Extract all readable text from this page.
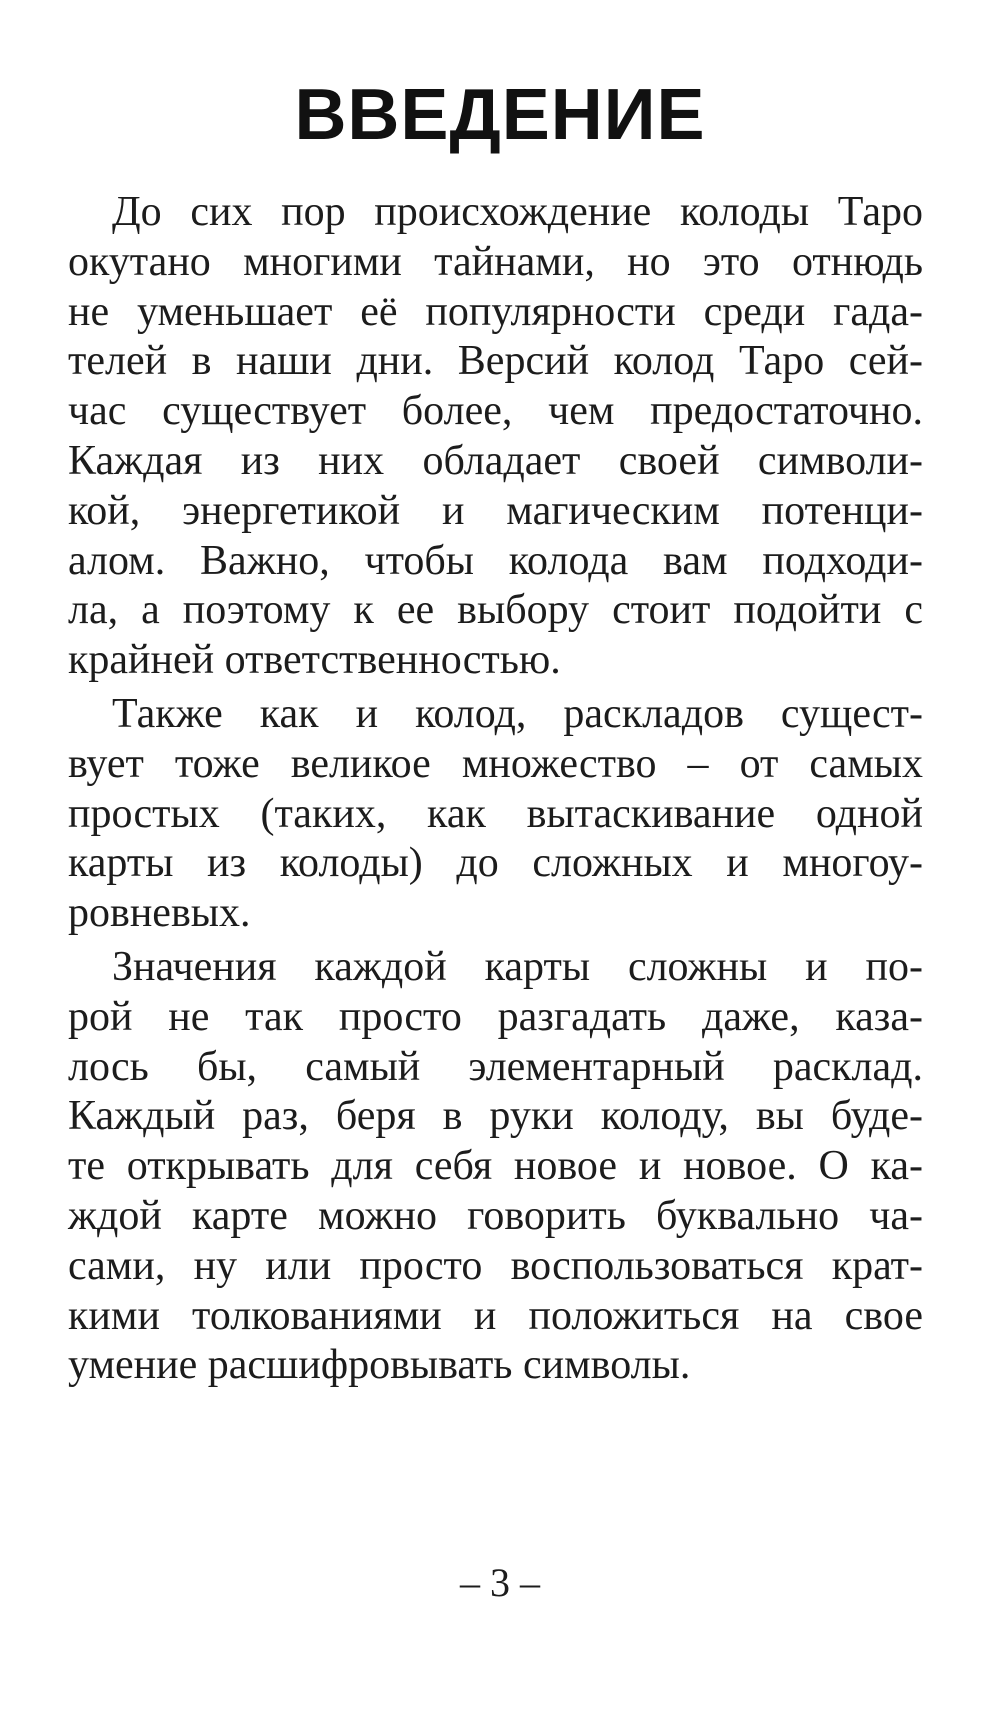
ВВЕДЕНИЕ

До сих пор происхождение колоды Таро
окутано многими тайнами, но это отнюдь
не уменьшает её популярности среди гада-
телей в наши дни. Версий колод Таро сей-
час существует более, чем предостаточно.
Каждая из них обладает своей символи-
кой, энергетикой и магическим потенци-
алом. Важно, чтобы колода вам подходи-
ла, а поэтому к ее выбору стоит подойти с
крайней ответственностью.

Также как и колод, раскладов сущест-
вует тоже великое множество – от самых
простых (таких, как вытаскивание одной
карты из колоды) до сложных и многоу-
ровневых.

Значения каждой карты сложны и по-
рой не так просто разгадать даже, каза-
лось бы, самый элементарный расклад.
Каждый раз, беря в руки колоду, вы буде-
те открывать для себя новое и новое. О ка-
ждой карте можно говорить буквально ча-
сами, ну или просто воспользоваться крат-
кими толкованиями и положиться на свое
умение расшифровывать символы.

– 3 –
